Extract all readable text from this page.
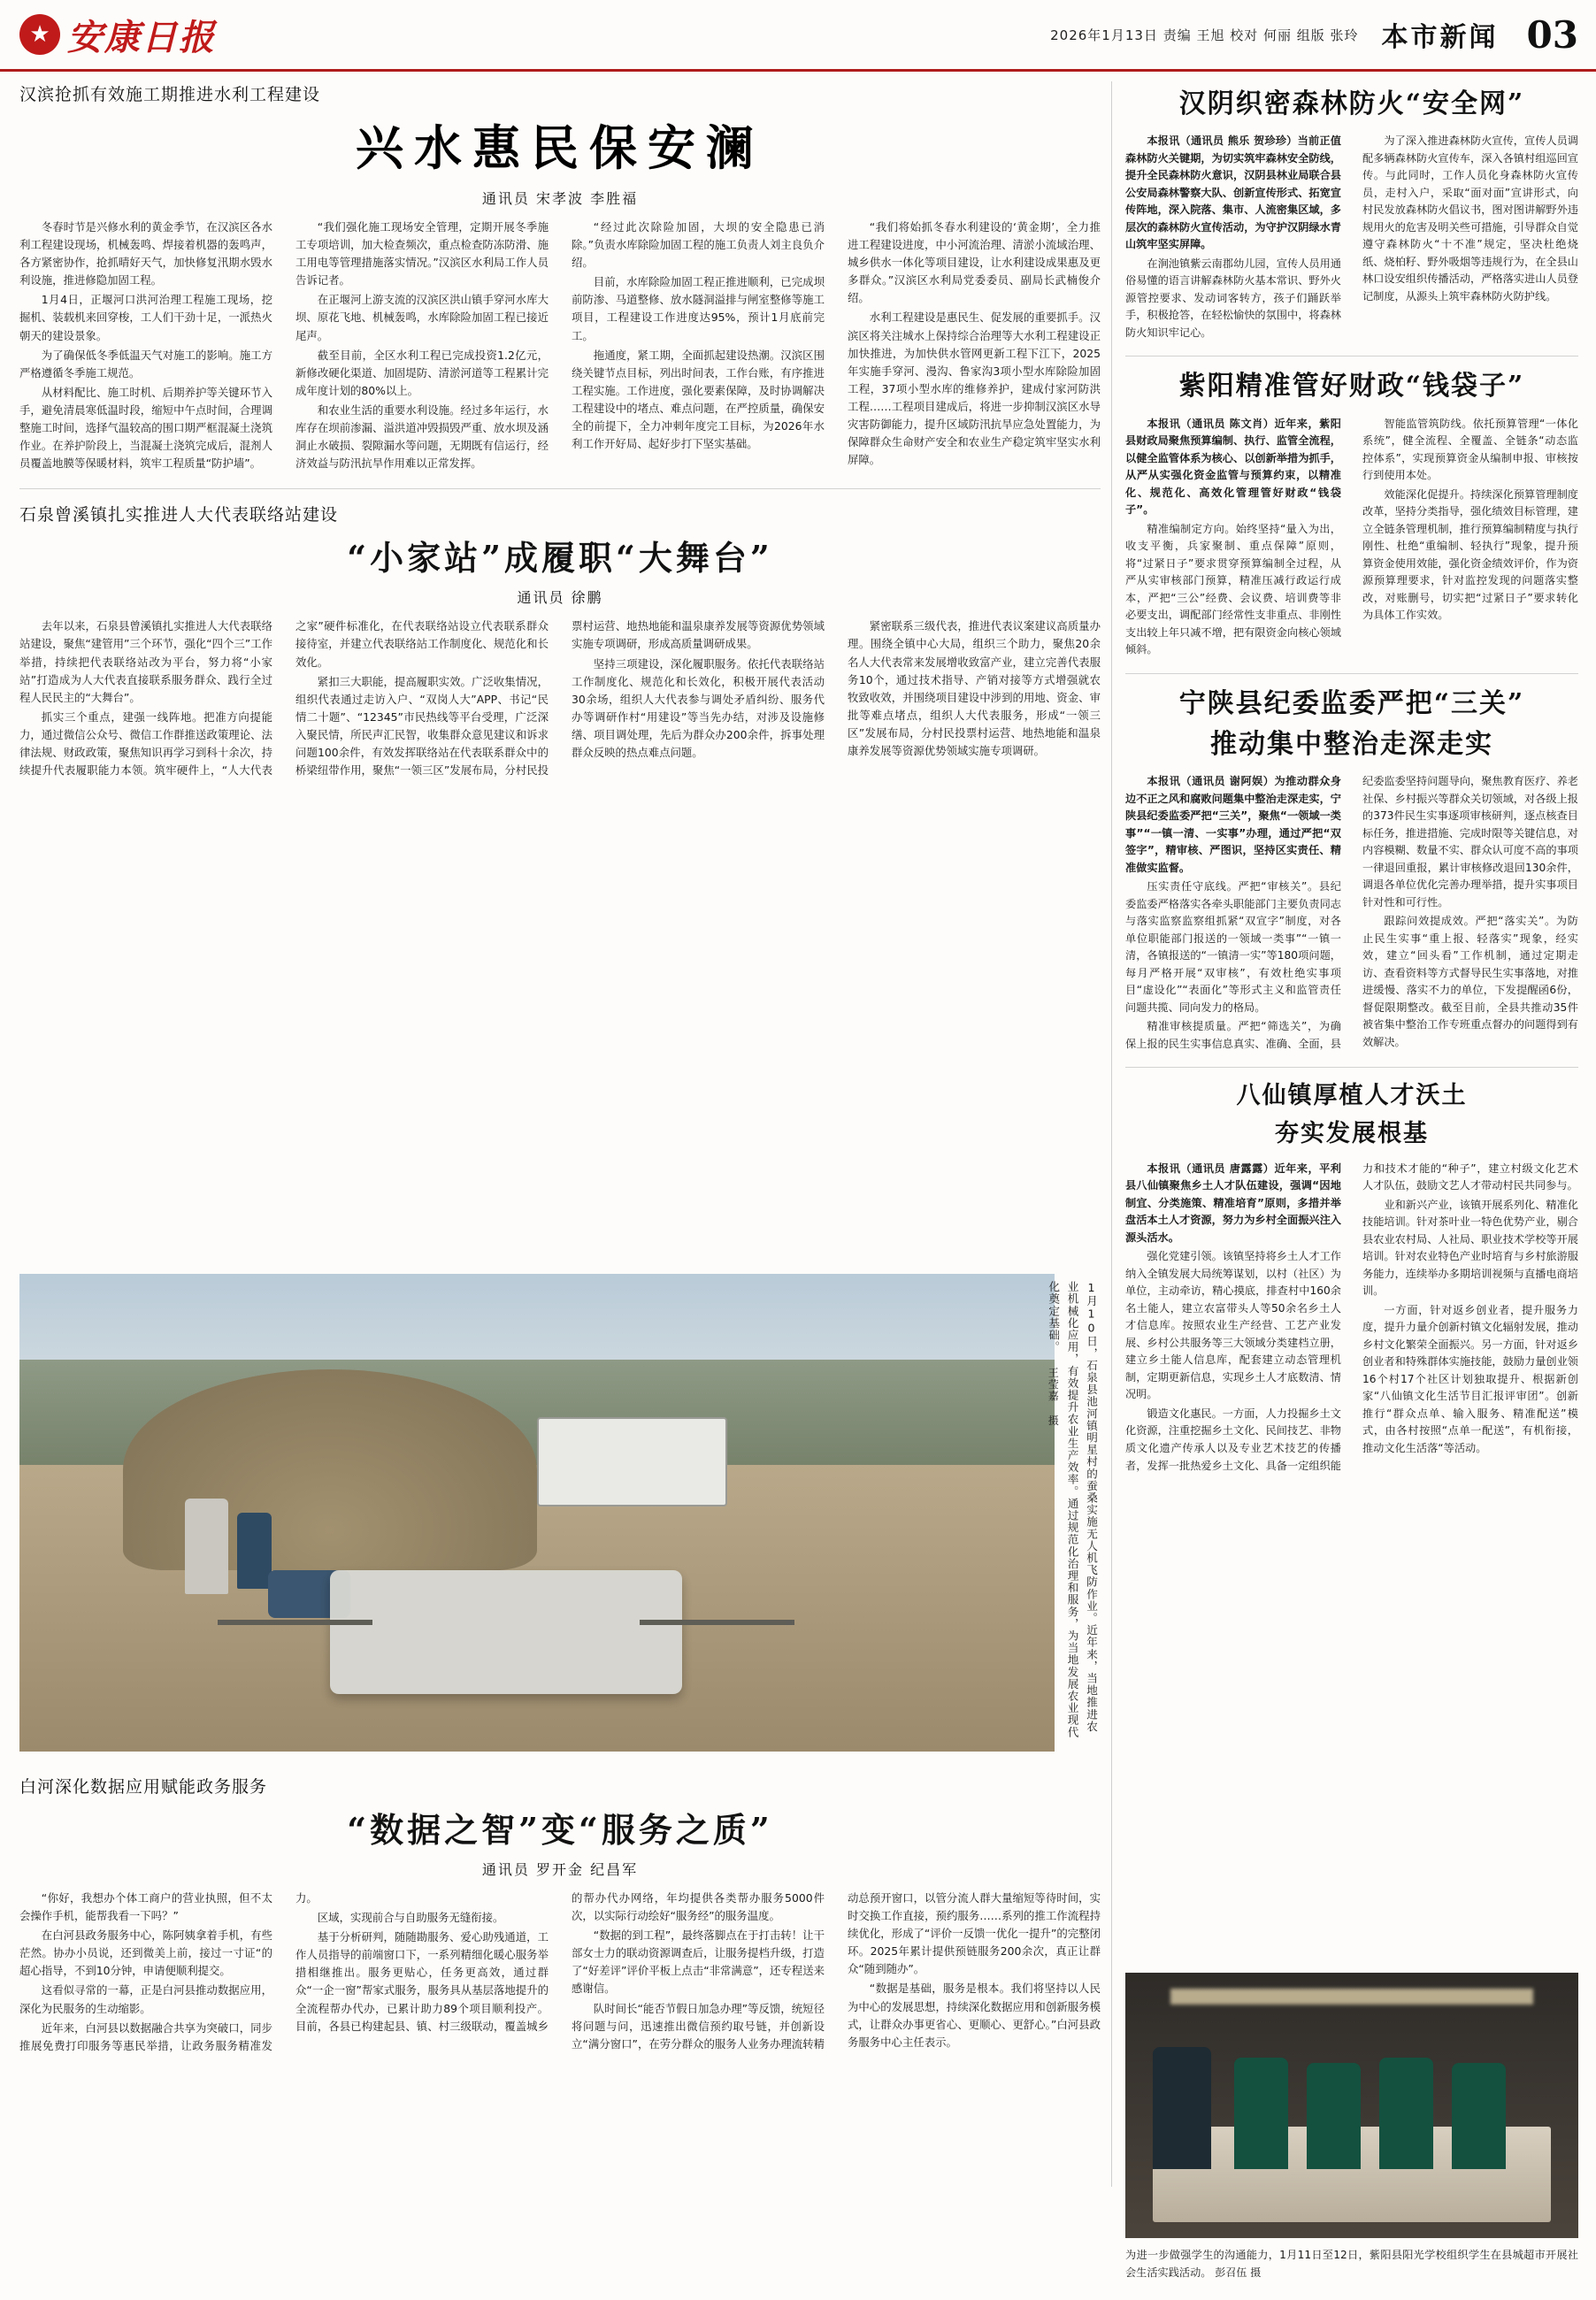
★ 安康日报	2026年1月13日 责编 王旭 校对 何丽 组版 张玲 本市新闻 03
汉滨抢抓有效施工期推进水利工程建设
兴水惠民保安澜
通讯员 宋孝波 李胜福

冬春时节是兴修水利的黄金季节，在汉滨区各水利工程建设现场，机械轰鸣、焊接着机器的轰鸣声，各方紧密协作，抢抓晴好天气，加快修复汛期水毁水利设施，推进修隐加固工程。

1月4日，正堰河口洪河治理工程施工现场，挖掘机、装载机来回穿梭，工人们干劲十足，一派热火朝天的建设景象。

为了确保低冬季低温天气对施工的影响。施工方严格遵循冬季施工规范。

从材料配比、施工时机、后期养护等关键环节入手，避免清晨寒低温时段，缩短中午点时间，合理调整施工时间，选择气温较高的围口期严框混凝土浇筑作业。在养护阶段上，当混凝土浇筑完成后，混剂人员覆盖地膜等保暖材料，筑牢工程质量“防护墙”。

“我们强化施工现场安全管理，定期开展冬季施工专项培训，加大检查频次，重点检查防冻防滑、施工用电等管理措施落实情况。”汉滨区水利局工作人员告诉记者。

在正堰河上游支流的汉滨区洪山镇手穿河水库大坝、原花飞地、机械轰鸣，水库除险加固工程已接近尾声。

截至目前，全区水利工程已完成投资1.2亿元，新修改硬化渠道、加固堤防、清淤河道等工程累计完成年度计划的80%以上。

和农业生活的重要水利设施。经过多年运行，水库存在坝前渗漏、溢洪道冲毁损毁严重、放水坝及涵洞止水破损、裂隙漏水等问题，无期既有信运行，经济效益与防汛抗旱作用难以正常发挥。

“经过此次除险加固，大坝的安全隐患已消除。”负责水库除险加固工程的施工负责人刘主良负介绍。

目前，水库除险加固工程正推进顺利，已完成坝前防渗、马道整修、放水隧洞溢排与闸室整修等施工项目，工程建设工作进度达95%，预计1月底前完工。

拖通度，紧工期，全面抓起建设热潮。汉滨区围绕关键节点目标，列出时间表，工作台账，有序推进工程实施。工作进度，强化要素保障，及时协调解决工程建设中的堵点、难点问题，在严控质量，确保安全的前提下，全力冲刺年度完工目标，为2026年水利工作开好局、起好步打下坚实基础。

“我们将始抓冬春水利建设的‘黄金期’，全力推进工程建设进度，中小河流治理、清淤小流域治理、城乡供水一体化等项目建设，让水利建设成果惠及更多群众。”汉滨区水利局党委委员、副局长武楠俊介绍。

水利工程建设是惠民生、促发展的重要抓手。汉滨区将关注城水上保持综合治理等大水利工程建设正加快推进，为加快供水管网更新工程下江下，2025年实施手穿河、漫沟、鲁家沟3项小型水库除险加固工程，37项小型水库的维修养护，建成付家河防洪工程……工程项目建成后，将进一步抑制汉滨区水导灾害防御能力，提升区域防汛抗旱应急处置能力，为保障群众生命财产安全和农业生产稳定筑牢坚实水利屏障。

石泉曾溪镇扎实推进人大代表联络站建设
“小家站”成履职“大舞台”
通讯员 徐鹏

去年以来，石泉县曾溪镇扎实推进人大代表联络站建设，聚焦“建管用”三个环节，强化“四个三”工作举措，持续把代表联络站改为平台，努力将“小家站”打造成为人大代表直接联系服务群众、践行全过程人民民主的“大舞台”。

抓实三个重点，建强一线阵地。把准方向提能力，通过微信公众号、微信工作群推送政策理论、法律法规、财政政策，聚焦知识再学习到科十余次，持续提升代表履职能力本领。筑牢硬件上，“人大代表之家”硬件标准化，在代表联络站设立代表联系群众接待室，并建立代表联络站工作制度化、规范化和长效化。

紧扣三大职能，提高履职实效。广泛收集情况，组织代表通过走访入户、“双岗人大”APP、书记“民情二十题”、“12345”市民热线等平台受理，广泛深入聚民情，所民声汇民智，收集群众意见建议和诉求问题100余件，有效发挥联络站在代表联系群众中的桥梁纽带作用，聚焦“一领三区”发展布局，分村民投票村运营、地热地能和温泉康养发展等资源优势领域实施专项调研，形成高质量调研成果。

坚持三项建设，深化履职服务。依托代表联络站工作制度化、规范化和长效化，积极开展代表活动30余场，组织人大代表参与调处矛盾纠纷、服务代办等调研作村“用建设”等当先办结，对涉及设施修缮、项目调处理，先后为群众办200余件，拆事处理群众反映的热点难点问题。

紧密联系三级代表，推进代表议案建议高质量办理。围绕全镇中心大局，组织三个助力，聚焦20余名人大代表常来发展增收致富产业，建立完善代表服务10个，通过技术指导、产销对接等方式增强就农牧致收效，并围绕项目建设中涉到的用地、资金、审批等难点堵点，组织人大代表服务，形成“一领三区”发展布局，分村民投票村运营、地热地能和温泉康养发展等资源优势领域实施专项调研。

1月10日，石泉县池河镇明星村的蚕桑实施无人机飞防作业。近年来，当地推进农业机械化应用，有效提升农业生产效率。通过规范化治理和服务，为当地发展农业现代化奠定基础。 王莹嘉 摄
白河深化数据应用赋能政务服务
“数据之智”变“服务之质”
通讯员 罗开金 纪昌军

“你好，我想办个体工商户的营业执照，但不太会操作手机，能帮我看一下吗？”

在白河县政务服务中心，陈阿姨拿着手机，有些茫然。协办小员说，还到微美上前，接过一寸证“的超心指导，不到10分钟，申请便顺利提交。

这看似寻常的一幕，正是白河县推动数据应用，深化为民服务的生动缩影。

近年来，白河县以数据融合共享为突破口，同步推展免费打印服务等惠民举措，让政务服务精准发力。

区域，实现前合与自助服务无缝衔接。

基于分析研判，随随勘服务、爱心助残通道，工作人员指导的前端窗口下，一系列精细化暖心服务举措相继推出。服务更贴心，任务更高效，通过群众“一企一窗”帮家式服务，服务具从基层落地提升的全流程帮办代办，已累计助力89个项目顺利投产。目前，各县已构建起县、镇、村三级联动，覆盖城乡的帮办代办网络，年均提供各类帮办服务5000件次，以实际行动绘好“服务经”的服务温度。

“数据的到工程”，最终落脚点在于打击转！让干部女士力的联动资源调查后，让服务提档升级，打造了“好差评”评价平板上点击“非常满意”，还专程送来感谢信。

队时间长“能否节假日加急办理”等反馈，统短径将问题与问，迅速推出微信预约取号链，并创新设立“满分窗口”，在劳分群众的服务人业务办理流转精动总预开窗口，以管分流人群大量缩短等待时间，实时交换工作直接，预约服务……系列的推工作流程持续优化，形成了“评价一反馈一优化一提升”的完整闭环。2025年累计提供预链服务200余次，真正让群众“随到随办”。

“数据是基础，服务是根本。我们将坚持以人民为中心的发展思想，持续深化数据应用和创新服务模式，让群众办事更省心、更顺心、更舒心。”白河县政务服务中心主任表示。

汉阴织密森林防火“安全网”

本报讯（通讯员 熊乐 贺珍珍）当前正值森林防火关键期，为切实筑牢森林安全防线，提升全民森林防火意识，汉阴县林业局联合县公安局森林警察大队、创新宣传形式、拓宽宣传阵地，深入院落、集市、人流密集区域，多层次的森林防火宣传活动，为守护汉阴绿水青山筑牢坚实屏障。

在涧池镇紫云南郡幼儿园，宣传人员用通俗易懂的语言讲解森林防火基本常识、野外火源管控要求、发动词客转方，孩子们踊跃举手，积极抢答，在轻松愉快的氛围中，将森林防火知识牢记心。

为了深入推进森林防火宣传，宣传人员调配多辆森林防火宣传车，深入各镇村组巡回宣传。与此同时，工作人员化身森林防火宣传员，走村入户，采取“面对面”宣讲形式，向村民发放森林防火倡议书，图对图讲解野外违规用火的危害及明关些可措施，引导群众自觉遵守森林防火“十不准”规定，坚决杜绝烧纸、烧柏籽、野外吸烟等违规行为，在全县山林口设安组织传播活动，严格落实进山人员登记制度，从源头上筑牢森林防火防护线。

紫阳精准管好财政“钱袋子”

本报讯（通讯员 陈文肖）近年来，紫阳县财政局聚焦预算编制、执行、监管全流程，以健全监管体系为核心、以创新举措为抓手，从严从实强化资金监管与预算约束，以精准化、规范化、高效化管理管好财政“钱袋子”。

精准编制定方向。始终坚持“量入为出，收支平衡，兵家聚制、重点保障”原则，将“过紧日子”要求贯穿预算编制全过程，从严从实审核部门预算，精准压减行政运行成本，严把“三公”经费、会议费、培训费等非必要支出，调配部门经常性支非重点、非刚性支出较上年只减不增，把有限资金向核心领域倾斜。

智能监管筑防线。依托预算管理“一体化系统”，健全流程、全覆盖、全链条“动态监控体系”，实现预算资金从编制申报、审核按行到使用本处。

效能深化促提升。持续深化预算管理制度改革，坚持分类指导，强化绩效目标管理，建立全链条管理机制，推行预算编制精度与执行刚性、杜绝“重编制、轻执行”现象，提升预算资金使用效能，强化资金绩效评价，作为资源预算理要求，针对监控发现的问题落实整改，对账删号，切实把“过紧日子”要求转化为具体工作实效。

宁陕县纪委监委严把“三关”
推动集中整治走深走实

本报讯（通讯员 谢阿娱）为推动群众身边不正之风和腐败问题集中整治走深走实，宁陕县纪委监委严把“三关”，聚焦“一领域一类事”“一镇一清、一实事”办理，通过严把“双签字”，精审核、严图识，坚持区实责任、精准做实监督。

压实责任守底线。严把“审核关”。县纪委监委严格落实各牵头职能部门主要负责同志与落实监察监察组抓紧“双宣字”制度，对各单位职能部门报送的一领域一类事”“一镇一清，各镇报送的“一镇清一实”等180项问题，每月严格开展“双审核”，有效杜绝实事项目“虚设化”“表面化”等形式主义和监管责任问题共揽、同向发力的格局。

精准审核提质量。严把“筛选关”，为确保上报的民生实事信息真实、准确、全面，县纪委监委坚持问题导向，聚焦教育医疗、养老社保、乡村振兴等群众关切领域，对各级上报的373件民生实事逐项审核研判，逐点核查目标任务，推进措施、完成时限等关键信息，对内容模糊、数量不实、群众认可度不高的事项一律退回重报，累计审核修改退回130余件，调退各单位优化完善办理举措，提升实事项目针对性和可行性。

跟踪问效提成效。严把“落实关”。为防止民生实事“重上报、轻落实”现象，经实效，建立“回头看”工作机制，通过定期走访、查看资料等方式督导民生实事落地，对推进缓慢、落实不力的单位，下发提醒函6份，督促限期整改。截至目前，全县共推动35件被省集中整治工作专班重点督办的问题得到有效解决。

八仙镇厚植人才沃土
夯实发展根基

本报讯（通讯员 唐露露）近年来，平利县八仙镇聚焦乡土人才队伍建设，强调“因地制宜、分类施策、精准培育”原则，多措并举盘活本土人才资源，努力为乡村全面振兴注入源头活水。

强化党建引领。该镇坚持将乡土人才工作纳入全镇发展大局统筹谋划，以村（社区）为单位，主动牵访，精心摸底，排查村中160余名土能人，建立农富带头人等50余名乡土人才信息库。按照农业生产经营、工艺产业发展、乡村公共服务等三大领域分类建档立册，建立乡土能人信息库，配套建立动态管理机制，定期更新信息，实现乡土人才底数清、情况明。

锻造文化惠民。一方面，人力投掘乡土文化资源，注重挖掘乡土文化、民间技艺、非物质文化遗产传承人以及专业艺术技艺的传播者，发挥一批热爱乡土文化、具备一定组织能力和技术才能的“种子”，建立村级文化艺术人才队伍，鼓励文艺人才带动村民共同参与。

业和新兴产业，该镇开展系列化、精准化技能培训。针对茶叶业一特色优势产业，剔合县农业农村局、人社局、职业技术学校等开展培训。针对农业特色产业时培育与乡村旅游服务能力，连续举办多期培训视频与直播电商培训。

一方面，针对返乡创业者，提升服务力度，提升力量介创新村镇文化辐射发展，推动乡村文化繁荣全面振兴。另一方面，针对返乡创业者和特殊群体实施技能，鼓励力量创业领16个村17个社区计划独取提升、根据新创家“八仙镇文化生活节目汇报评审团”。创新推行“群众点单、输入服务、精准配送”模式，由各村按照“点单一配送”，有机衔接，推动文化生活落“等活动。

为进一步做强学生的沟通能力，1月11日至12日，紫阳县阳光学校组织学生在县城超市开展社会生活实践活动。 彭召伍 摄
